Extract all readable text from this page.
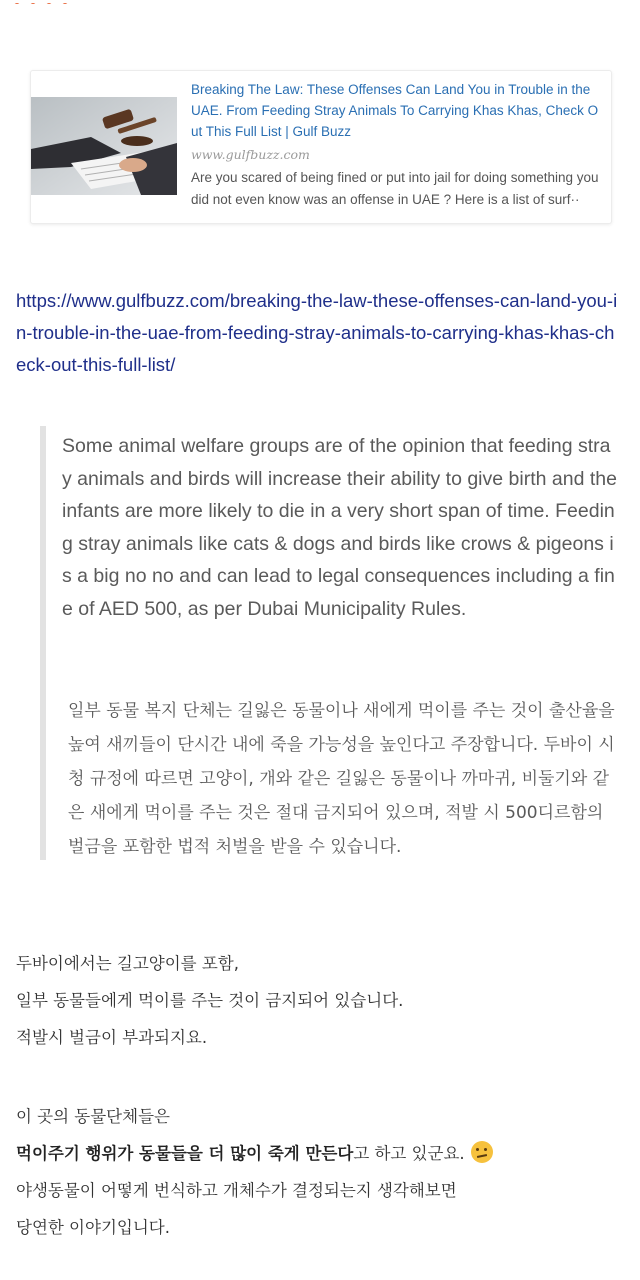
Breaking The Law: These Offenses Can Land You in Trouble in the UAE. From Feeding Stray Animals To Carrying Khas Khas, Check Out This Full List | Gulf Buzz

www.gulfbuzz.com
Are you scared of being fined or put into jail for doing something you did not even know was an offense in UAE ? Here is a list of surf··
https://www.gulfbuzz.com/breaking-the-law-these-offenses-can-land-you-in-trouble-in-the-uae-from-feeding-stray-animals-to-carrying-khas-khas-check-out-this-full-list/

Some animal welfare groups are of the opinion that feeding stray animals and birds will increase their ability to give birth and the infants are more likely to die in a very short span of time. Feeding stray animals like cats & dogs and birds like crows & pigeons is a big no no and can lead to legal consequences including a fine of AED 500, as per Dubai Municipality Rules.

일부 동물 복지 단체는 길잃은 동물이나 새에게 먹이를 주는 것이 출산율을 높여 새끼들이 단시간 내에 죽을 가능성을 높인다고 주장합니다. 두바이 시청 규정에 따르면 고양이, 개와 같은 길잃은 동물이나 까마귀, 비둘기와 같은 새에게 먹이를 주는 것은 절대 금지되어 있으며, 적발 시 500디르함의 벌금을 포함한 법적 처벌을 받을 수 있습니다.

두바이에서는 길고양이를 포함,
일부 동물들에게 먹이를 주는 것이 금지되어 있습니다.
적발시 벌금이 부과되지요.
이 곳의 동물단체들은
먹이주기 행위가 동물들을 더 많이 죽게 만든다고 하고 있군요.
야생동물이 어떻게 번식하고 개체수가 결정되는지 생각해보면
당연한 이야기입니다.
